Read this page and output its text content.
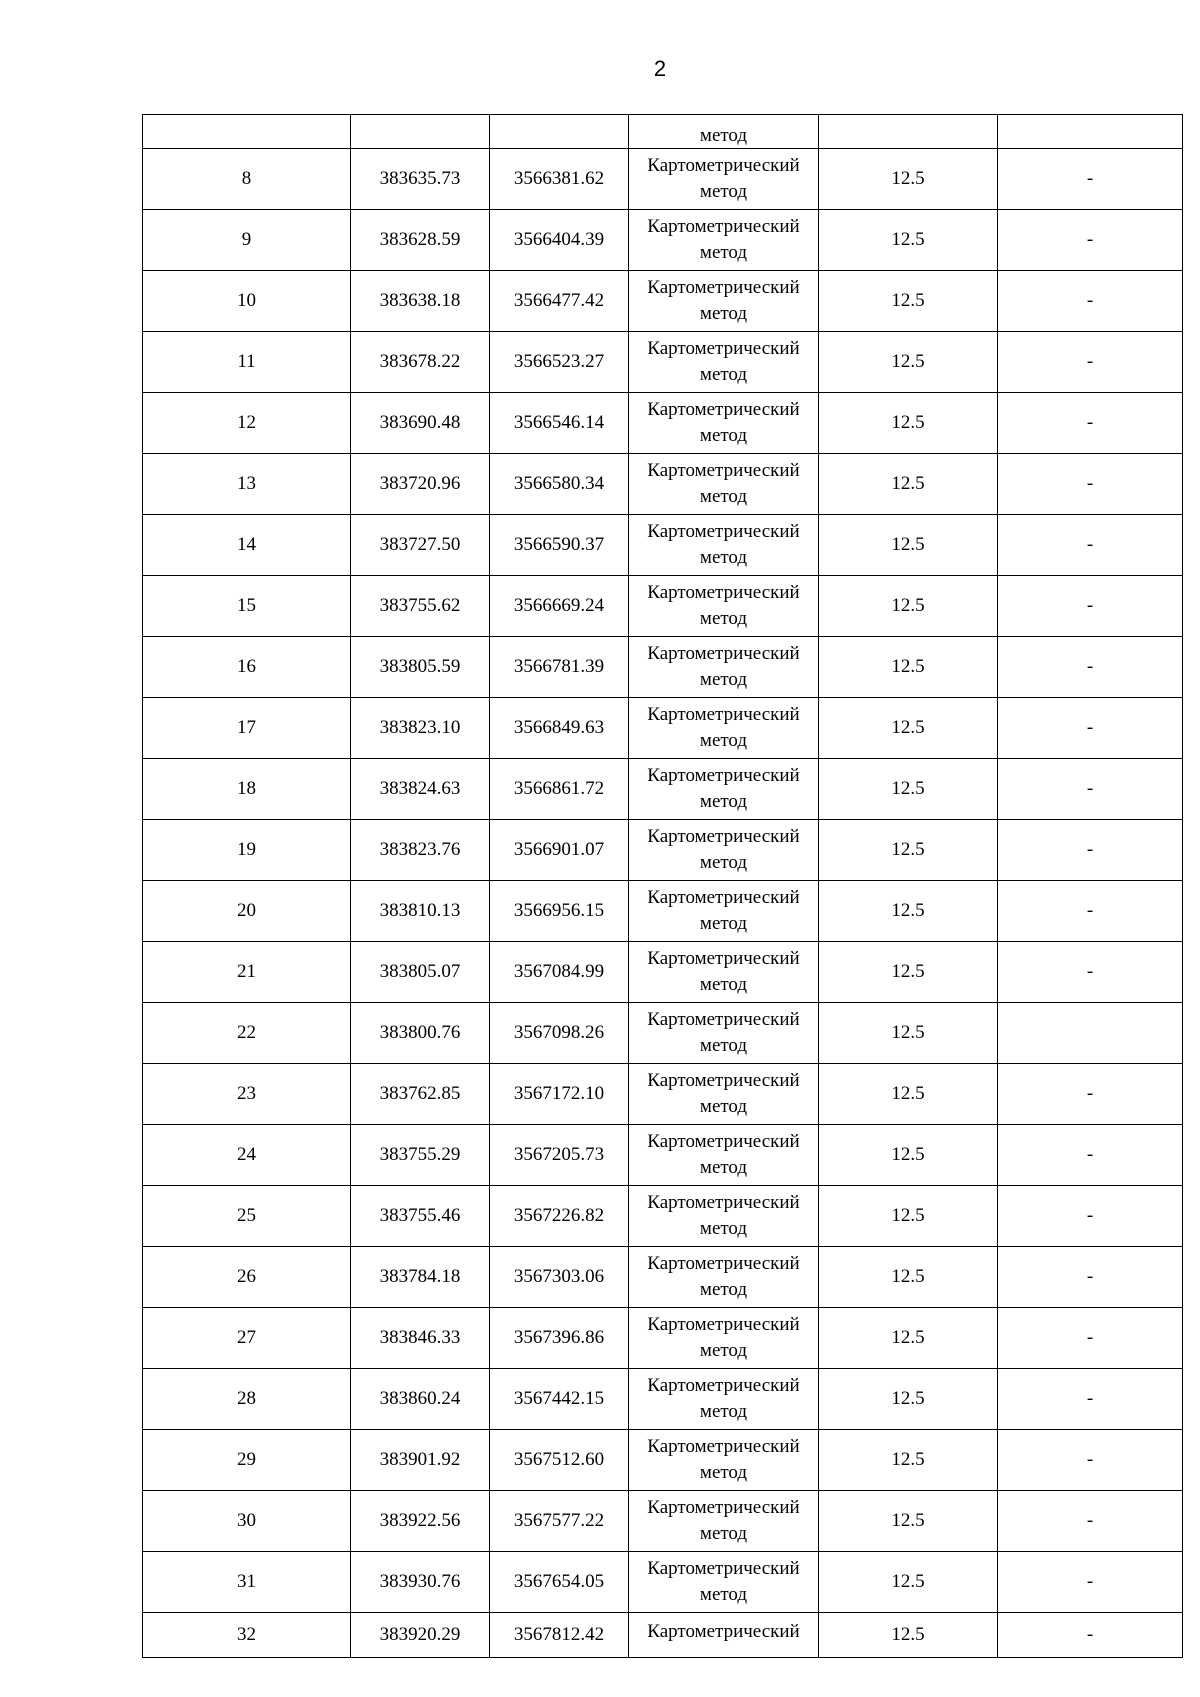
2
			метод		
8	383635.73	3566381.62	Картометрический
метод	12.5	-
9	383628.59	3566404.39	Картометрический
метод	12.5	-
10	383638.18	3566477.42	Картометрический
метод	12.5	-
11	383678.22	3566523.27	Картометрический
метод	12.5	-
12	383690.48	3566546.14	Картометрический
метод	12.5	-
13	383720.96	3566580.34	Картометрический
метод	12.5	-
14	383727.50	3566590.37	Картометрический
метод	12.5	-
15	383755.62	3566669.24	Картометрический
метод	12.5	-
16	383805.59	3566781.39	Картометрический
метод	12.5	-
17	383823.10	3566849.63	Картометрический
метод	12.5	-
18	383824.63	3566861.72	Картометрический
метод	12.5	-
19	383823.76	3566901.07	Картометрический
метод	12.5	-
20	383810.13	3566956.15	Картометрический
метод	12.5	-
21	383805.07	3567084.99	Картометрический
метод	12.5	-
22	383800.76	3567098.26	Картометрический
метод	12.5	
23	383762.85	3567172.10	Картометрический
метод	12.5	-
24	383755.29	3567205.73	Картометрический
метод	12.5	-
25	383755.46	3567226.82	Картометрический
метод	12.5	-
26	383784.18	3567303.06	Картометрический
метод	12.5	-
27	383846.33	3567396.86	Картометрический
метод	12.5	-
28	383860.24	3567442.15	Картометрический
метод	12.5	-
29	383901.92	3567512.60	Картометрический
метод	12.5	-
30	383922.56	3567577.22	Картометрический
метод	12.5	-
31	383930.76	3567654.05	Картометрический
метод	12.5	-
32	383920.29	3567812.42	Картометрический	12.5	-
